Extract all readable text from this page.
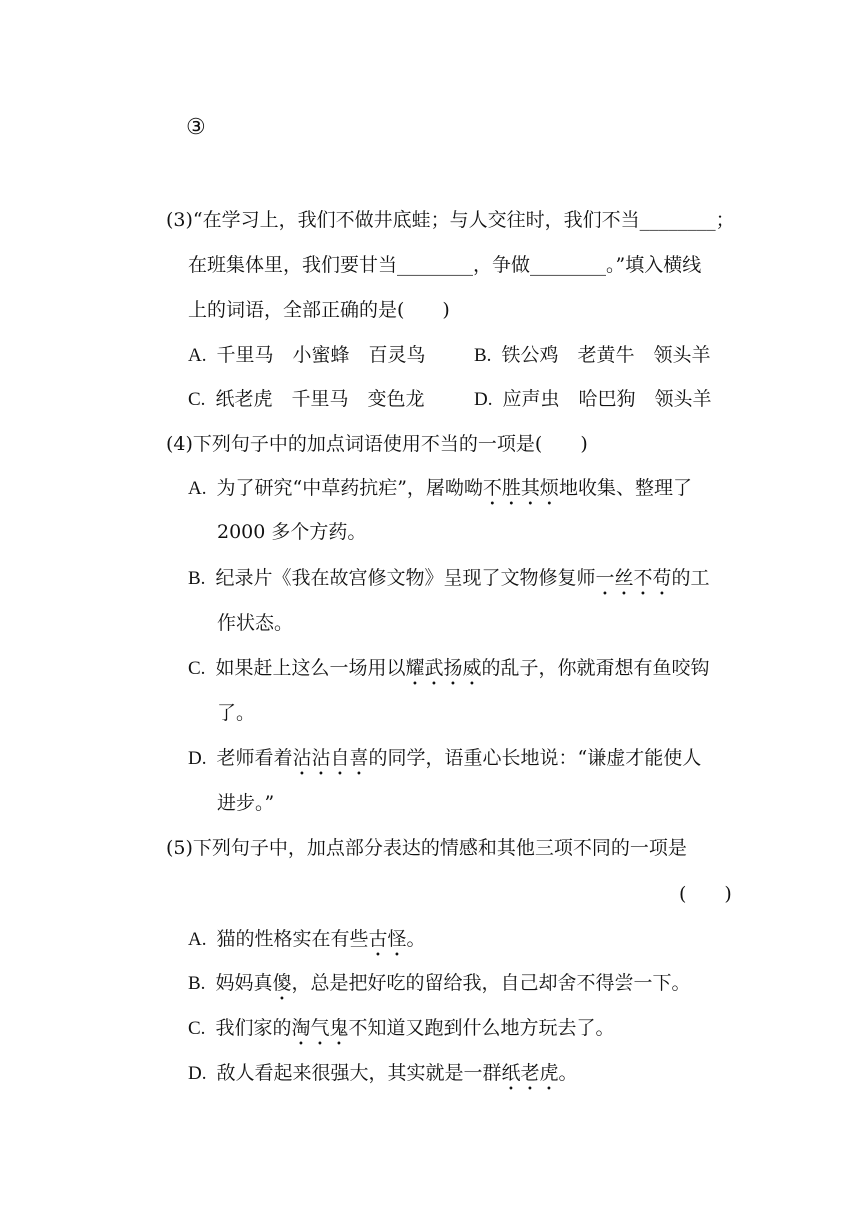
③
(3)“在学习上，我们不做井底蛙；与人交往时，我们不当________；
在班集体里，我们要甘当________，争做________。”填入横线
上的词语，全部正确的是(　　)
A. 千里马　小蜜蜂　百灵鸟	B. 铁公鸡　老黄牛　领头羊
C. 纸老虎　千里马　变色龙	D. 应声虫　哈巴狗　领头羊
(4)下列句子中的加点词语使用不当的一项是(　　)
A. 为了研究“中草药抗疟”，屠呦呦不胜其烦地收集、整理了
2000 多个方药。
B. 纪录片《我在故宫修文物》呈现了文物修复师一丝不苟的工
作状态。
C. 如果赶上这么一场用以耀武扬威的乱子，你就甭想有鱼咬钩
了。
D. 老师看着沾沾自喜的同学，语重心长地说：“谦虚才能使人
进步。”
(5)下列句子中，加点部分表达的情感和其他三项不同的一项是
(　　)
A. 猫的性格实在有些古怪。
B. 妈妈真傻，总是把好吃的留给我，自己却舍不得尝一下。
C. 我们家的淘气鬼不知道又跑到什么地方玩去了。
D. 敌人看起来很强大，其实就是一群纸老虎。
